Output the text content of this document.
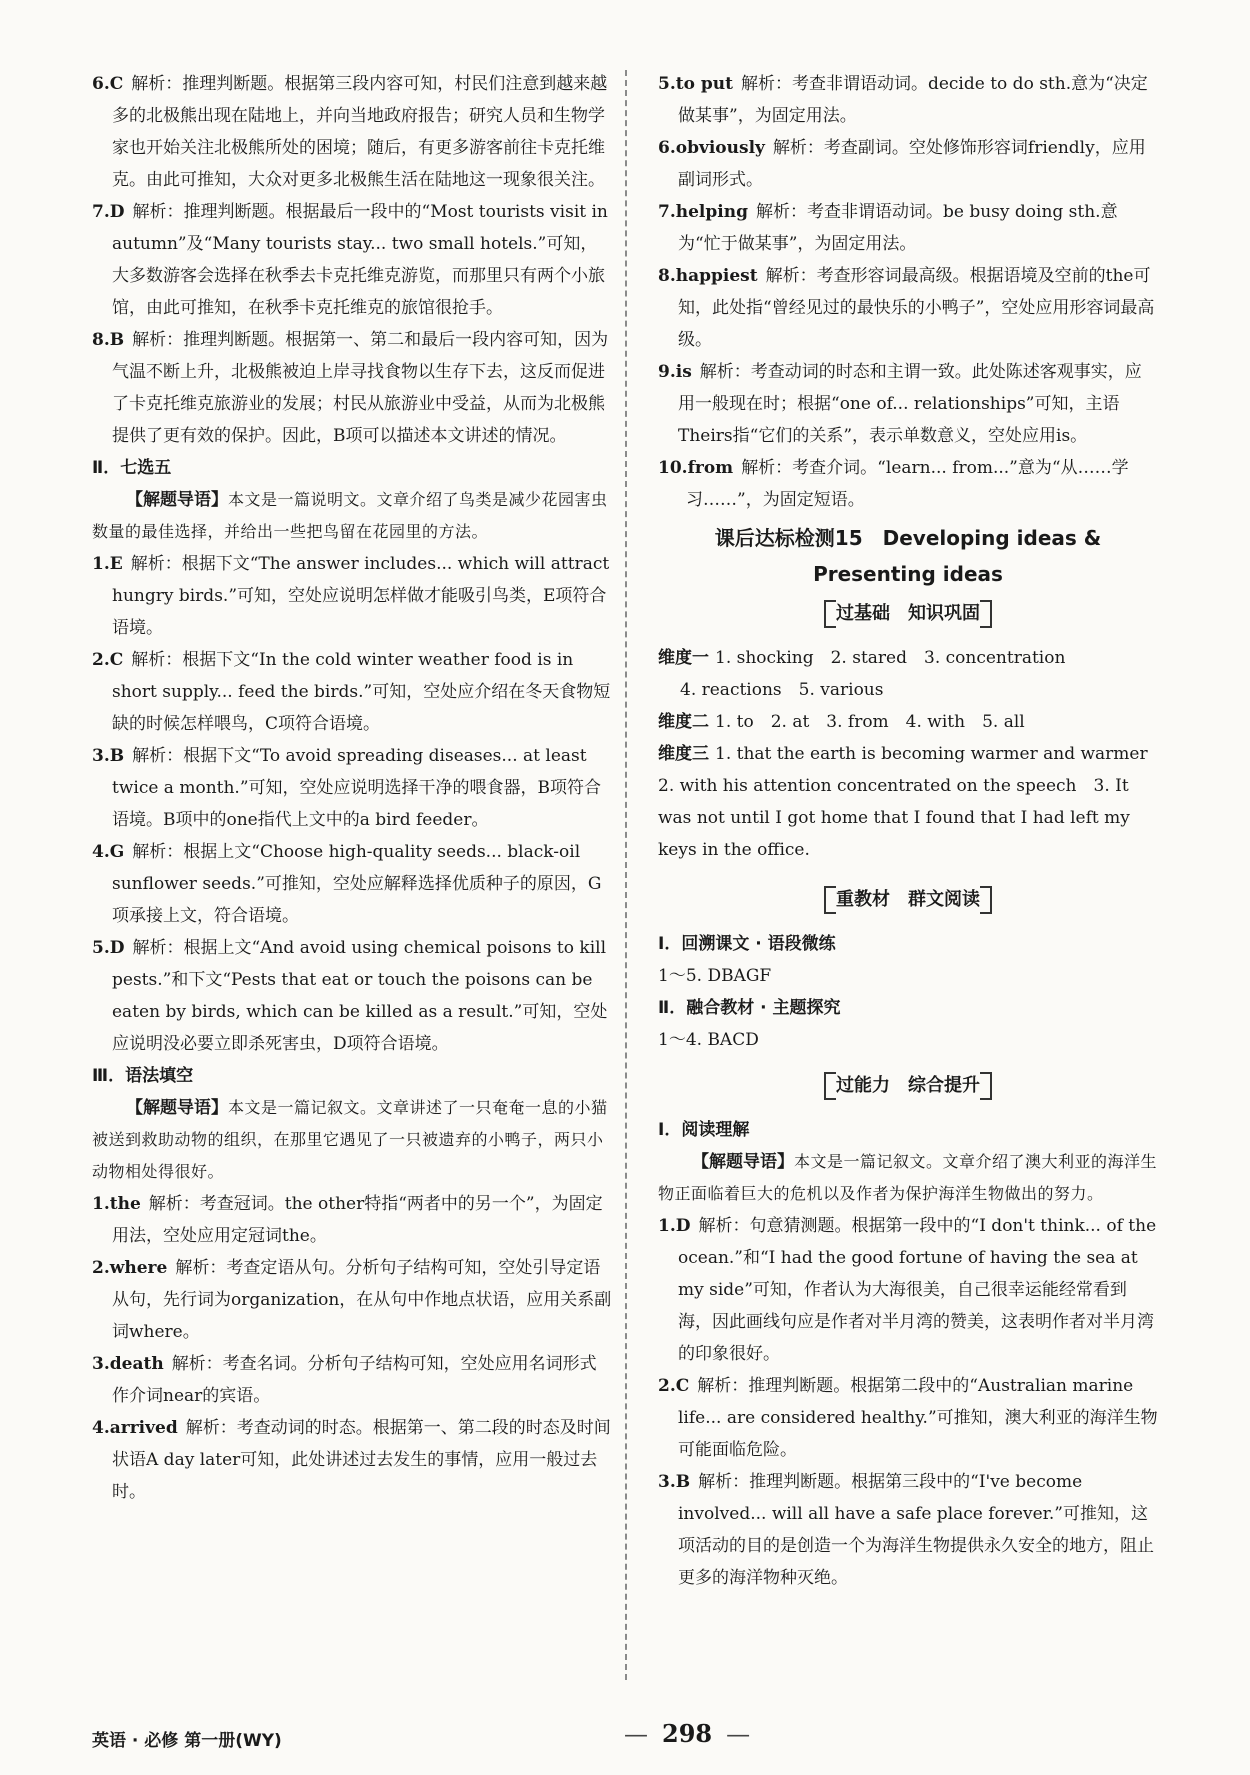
6.C 解析：推理判断题。根据第三段内容可知，村民们注意到越来越多的北极熊出现在陆地上，并向当地政府报告；研究人员和生物学家也开始关注北极熊所处的困境；随后，有更多游客前往卡克托维克。由此可推知，大众对更多北极熊生活在陆地这一现象很关注。

7.D 解析：推理判断题。根据最后一段中的“Most tourists visit in autumn”及“Many tourists stay... two small hotels.”可知，大多数游客会选择在秋季去卡克托维克游览，而那里只有两个小旅馆，由此可推知，在秋季卡克托维克的旅馆很抢手。

8.B 解析：推理判断题。根据第一、第二和最后一段内容可知，因为气温不断上升，北极熊被迫上岸寻找食物以生存下去，这反而促进了卡克托维克旅游业的发展；村民从旅游业中受益，从而为北极熊提供了更有效的保护。因此，B项可以描述本文讲述的情况。

Ⅱ．七选五

【解题导语】本文是一篇说明文。文章介绍了鸟类是减少花园害虫数量的最佳选择，并给出一些把鸟留在花园里的方法。

1.E 解析：根据下文“The answer includes... which will attract hungry birds.”可知，空处应说明怎样做才能吸引鸟类，E项符合语境。

2.C 解析：根据下文“In the cold winter weather food is in short supply... feed the birds.”可知，空处应介绍在冬天食物短缺的时候怎样喂鸟，C项符合语境。

3.B 解析：根据下文“To avoid spreading diseases... at least twice a month.”可知，空处应说明选择干净的喂食器，B项符合语境。B项中的one指代上文中的a bird feeder。

4.G 解析：根据上文“Choose high-quality seeds... black-oil sunflower seeds.”可推知，空处应解释选择优质种子的原因，G项承接上文，符合语境。

5.D 解析：根据上文“And avoid using chemical poisons to kill pests.”和下文“Pests that eat or touch the poisons can be eaten by birds, which can be killed as a result.”可知，空处应说明没必要立即杀死害虫，D项符合语境。

Ⅲ．语法填空

【解题导语】本文是一篇记叙文。文章讲述了一只奄奄一息的小猫被送到救助动物的组织，在那里它遇见了一只被遗弃的小鸭子，两只小动物相处得很好。

1.the 解析：考查冠词。the other特指“两者中的另一个”，为固定用法，空处应用定冠词the。

2.where 解析：考查定语从句。分析句子结构可知，空处引导定语从句，先行词为organization，在从句中作地点状语，应用关系副词where。

3.death 解析：考查名词。分析句子结构可知，空处应用名词形式作介词near的宾语。

4.arrived 解析：考查动词的时态。根据第一、第二段的时态及时间状语A day later可知，此处讲述过去发生的事情，应用一般过去时。

5.to put 解析：考查非谓语动词。decide to do sth.意为“决定做某事”，为固定用法。

6.obviously 解析：考查副词。空处修饰形容词friendly，应用副词形式。

7.helping 解析：考查非谓语动词。be busy doing sth.意为“忙于做某事”，为固定用法。

8.happiest 解析：考查形容词最高级。根据语境及空前的the可知，此处指“曾经见过的最快乐的小鸭子”，空处应用形容词最高级。

9.is 解析：考查动词的时态和主谓一致。此处陈述客观事实，应用一般现在时；根据“one of... relationships”可知，主语Theirs指“它们的关系”，表示单数意义，空处应用is。

10.from 解析：考查介词。“learn... from...”意为“从……学习……”，为固定短语。

课后达标检测15　Developing ideas &
Presenting ideas
过基础　知识巩固

维度一 1. shocking　2. stared　3. concentration

4. reactions　5. various

维度二 1. to　2. at　3. from　4. with　5. all

维度三 1. that the earth is becoming warmer and warmer　2. with his attention concentrated on the speech　3. It was not until I got home that I found that I had left my keys in the office.

重教材　群文阅读

Ⅰ．回溯课文 · 语段微练

1～5. DBAGF

Ⅱ．融合教材 · 主题探究

1～4. BACD

过能力　综合提升

Ⅰ．阅读理解

【解题导语】本文是一篇记叙文。文章介绍了澳大利亚的海洋生物正面临着巨大的危机以及作者为保护海洋生物做出的努力。

1.D 解析：句意猜测题。根据第一段中的“I don't think... of the ocean.”和“I had the good fortune of having the sea at my side”可知，作者认为大海很美，自己很幸运能经常看到海，因此画线句应是作者对半月湾的赞美，这表明作者对半月湾的印象很好。

2.C 解析：推理判断题。根据第二段中的“Australian marine life... are considered healthy.”可推知，澳大利亚的海洋生物可能面临危险。

3.B 解析：推理判断题。根据第三段中的“I've become involved... will all have a safe place forever.”可推知，这项活动的目的是创造一个为海洋生物提供永久安全的地方，阻止更多的海洋物种灭绝。

英语 · 必修 第一册(WY)	— 298 —
